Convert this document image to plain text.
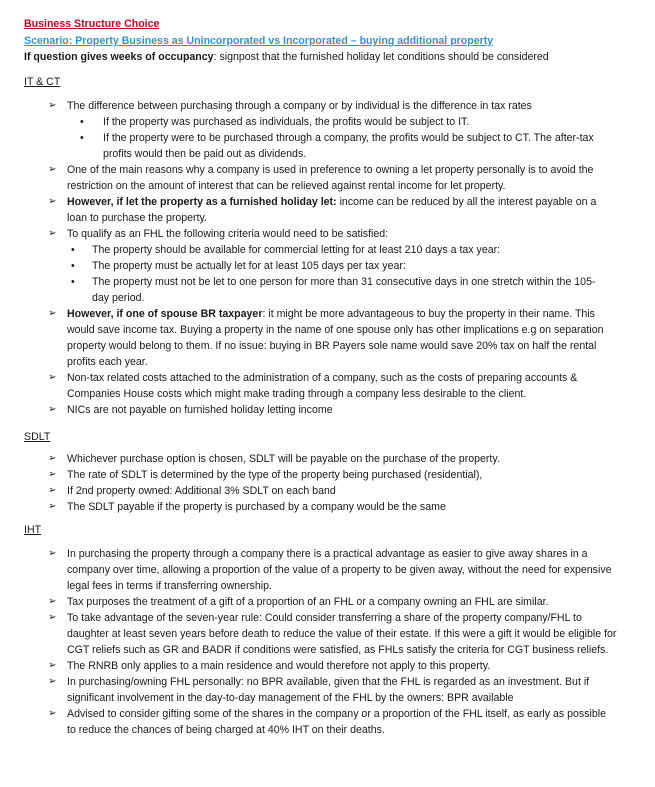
Business Structure Choice
Scenario: Property Business as Unincorporated vs Incorporated – buying additional property
If question gives weeks of occupancy: signpost that the furnished holiday let conditions should be considered
IT & CT
➢ The difference between purchasing through a company or by individual is the difference in tax rates
• If the property was purchased as individuals, the profits would be subject to IT.
• If the property were to be purchased through a company, the profits would be subject to CT. The after-tax profits would then be paid out as dividends.
➢ One of the main reasons why a company is used in preference to owning a let property personally is to avoid the restriction on the amount of interest that can be relieved against rental income for let property.
➢ However, if let the property as a furnished holiday let: income can be reduced by all the interest payable on a loan to purchase the property.
➢ To qualify as an FHL the following criteria would need to be satisfied:
• The property should be available for commercial letting for at least 210 days a tax year:
• The property must be actually let for at least 105 days per tax year:
• The property must not be let to one person for more than 31 consecutive days in one stretch within the 105-day period.
➢ However, if one of spouse BR taxpayer: it might be more advantageous to buy the property in their name. This would save income tax. Buying a property in the name of one spouse only has other implications e.g on separation property would belong to them. If no issue: buying in BR Payers sole name would save 20% tax on half the rental profits each year.
➢ Non-tax related costs attached to the administration of a company, such as the costs of preparing accounts & Companies House costs which might make trading through a company less desirable to the client.
➢ NICs are not payable on furnished holiday letting income
SDLT
➢ Whichever purchase option is chosen, SDLT will be payable on the purchase of the property.
➢ The rate of SDLT is determined by the type of the property being purchased (residential),
➢ If 2nd property owned: Additional 3% SDLT on each band
➢ The SDLT payable if the property is purchased by a company would be the same
IHT
➢ In purchasing the property through a company there is a practical advantage as easier to give away shares in a company over time, allowing a proportion of the value of a property to be given away, without the need for expensive legal fees in terms if transferring ownership.
➢ Tax purposes the treatment of a gift of a proportion of an FHL or a company owning an FHL are similar.
➢ To take advantage of the seven-year rule: Could consider transferring a share of the property company/FHL to daughter at least seven years before death to reduce the value of their estate. If this were a gift it would be eligible for CGT reliefs such as GR and BADR if conditions were satisfied, as FHLs satisfy the criteria for CGT business reliefs.
➢ The RNRB only applies to a main residence and would therefore not apply to this property.
➢ In purchasing/owning FHL personally: no BPR available, given that the FHL is regarded as an investment. But if significant involvement in the day-to-day management of the FHL by the owners: BPR available
➢ Advised to consider gifting some of the shares in the company or a proportion of the FHL itself, as early as possible to reduce the chances of being charged at 40% IHT on their deaths.
